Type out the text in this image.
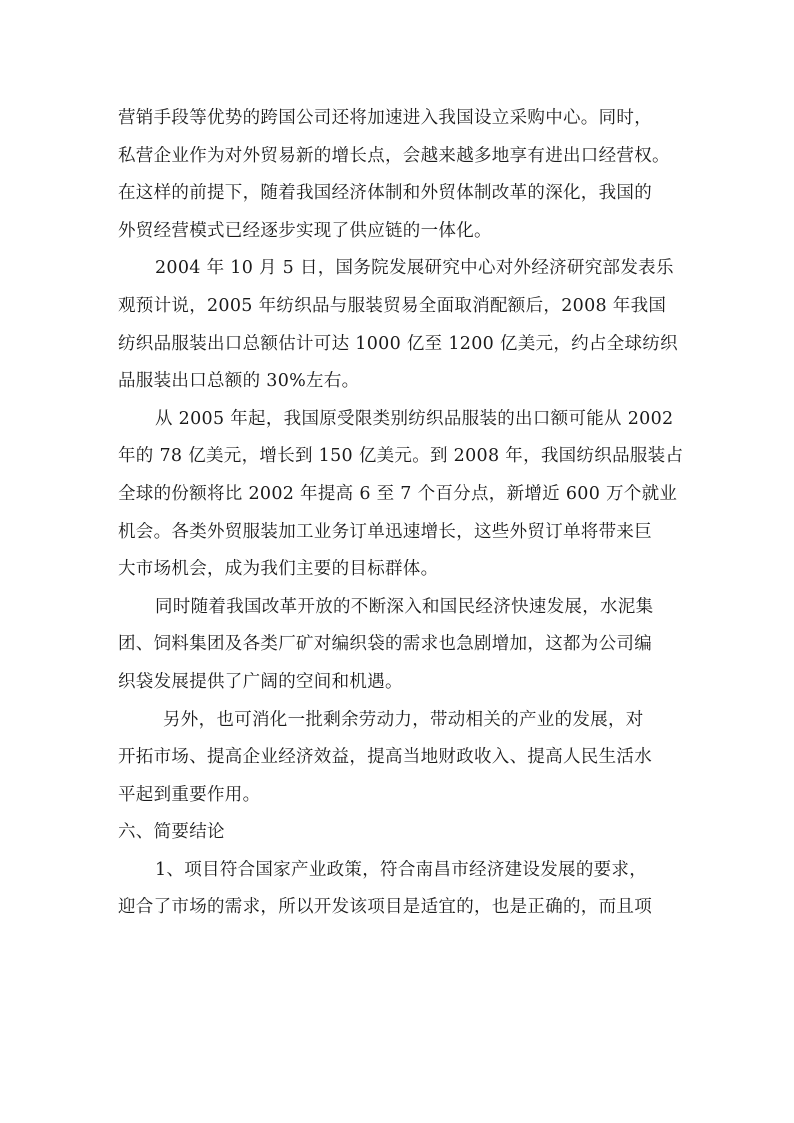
营销手段等优势的跨国公司还将加速进入我国设立采购中心。同时，
私营企业作为对外贸易新的增长点，会越来越多地享有进出口经营权。
在这样的前提下，随着我国经济体制和外贸体制改革的深化，我国的
外贸经营模式已经逐步实现了供应链的一体化。
2004 年 10 月 5 日，国务院发展研究中心对外经济研究部发表乐
观预计说，2005 年纺织品与服装贸易全面取消配额后，2008 年我国
纺织品服装出口总额估计可达 1000 亿至 1200 亿美元，约占全球纺织
品服装出口总额的 30%左右。
从 2005 年起，我国原受限类别纺织品服装的出口额可能从 2002
年的 78 亿美元，增长到 150 亿美元。到 2008 年，我国纺织品服装占
全球的份额将比 2002 年提高 6 至 7 个百分点，新增近 600 万个就业
机会。各类外贸服装加工业务订单迅速增长，这些外贸订单将带来巨
大市场机会，成为我们主要的目标群体。
同时随着我国改革开放的不断深入和国民经济快速发展，水泥集
团、饲料集团及各类厂矿对编织袋的需求也急剧增加，这都为公司编
织袋发展提供了广阔的空间和机遇。
另外，也可消化一批剩余劳动力，带动相关的产业的发展，对
开拓市场、提高企业经济效益，提高当地财政收入、提高人民生活水
平起到重要作用。
六、简要结论
1、项目符合国家产业政策，符合南昌市经济建设发展的要求，
迎合了市场的需求，所以开发该项目是适宜的，也是正确的，而且项
